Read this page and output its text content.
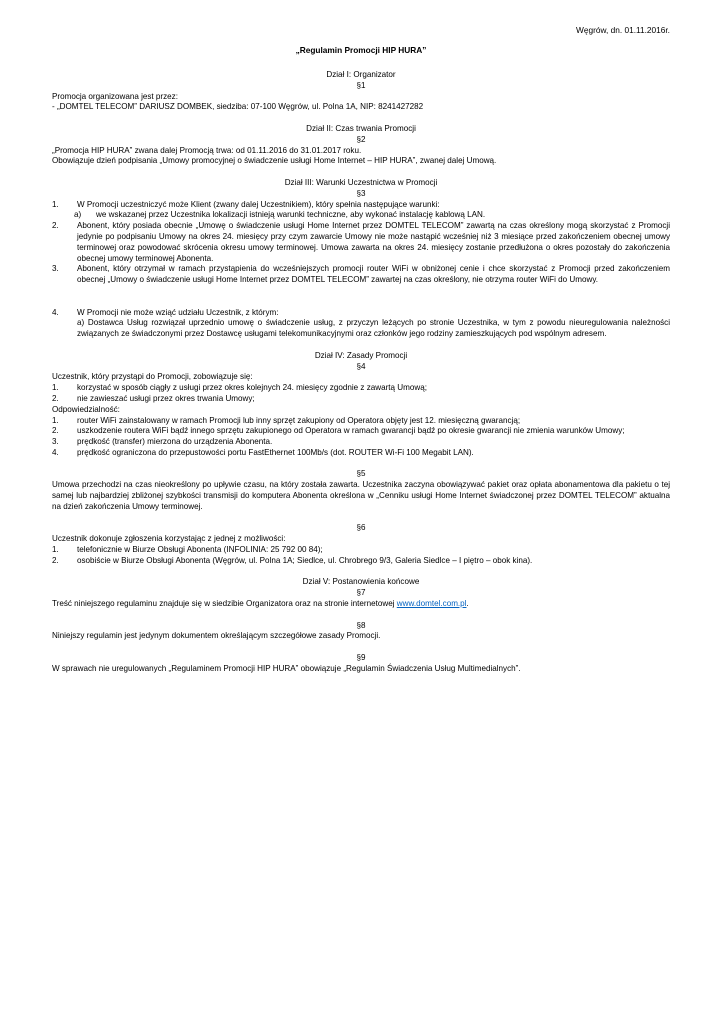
Węgrów, dn. 01.11.2016r.
„Regulamin Promocji HIP HURA”
Dział I: Organizator
§1
Promocja organizowana jest przez:
- „DOMTEL TELECOM” DARIUSZ DOMBEK, siedziba: 07-100 Węgrów, ul. Polna 1A, NIP: 8241427282
Dział II: Czas trwania Promocji
§2
„Promocja HIP HURA” zwana dalej Promocją trwa: od 01.11.2016 do 31.01.2017 roku.
Obowiązuje dzień podpisania „Umowy promocyjnej o świadczenie usługi Home Internet – HIP HURA”, zwanej dalej Umową.
Dział III: Warunki Uczestnictwa w Promocji
§3
1. W Promocji uczestniczyć może Klient (zwany dalej Uczestnikiem), który spełnia następujące warunki:
a) we wskazanej przez Uczestnika lokalizacji istnieją warunki techniczne, aby wykonać instalację kablową LAN.
2. Abonent, który posiada obecnie „Umowę o świadczenie usługi Home Internet przez DOMTEL TELECOM” zawartą na czas określony mogą skorzystać z Promocji jedynie po podpisaniu Umowy na okres 24. miesięcy przy czym zawarcie Umowy nie może nastąpić wcześniej niż 3 miesiące przed zakończeniem obecnej umowy terminowej oraz powodować skrócenia okresu umowy terminowej. Umowa zawarta na okres 24. miesięcy zostanie przedłużona o okres pozostały do zakończenia obecnej umowy terminowej Abonenta.
3. Abonent, który otrzymał w ramach przystąpienia do wcześniejszych promocji router WiFi w obniżonej cenie i chce skorzystać z Promocji przed zakończeniem obecnej „Umowy o świadczenie usługi Home Internet przez DOMTEL TELECOM” zawartej na czas określony, nie otrzyma router WiFi do Umowy.
4. W Promocji nie może wziąć udziału Uczestnik, z którym:
a) Dostawca Usług rozwiązał uprzednio umowę o świadczenie usług, z przyczyn leżących po stronie Uczestnika, w tym z powodu nieuregulowania należności związanych ze świadczonymi przez Dostawcę usługami telekomunikacyjnymi oraz członków jego rodziny zamieszkujących pod wspólnym adresem.
Dział IV: Zasady Promocji
§4
Uczestnik, który przystąpi do Promocji, zobowiązuje się:
1. korzystać w sposób ciągły z usługi przez okres kolejnych 24. miesięcy zgodnie z zawartą Umową;
2. nie zawieszać usługi przez okres trwania Umowy;
Odpowiedzialność:
1. router WiFi zainstalowany w ramach Promocji lub inny sprzęt zakupiony od Operatora objęty jest 12. miesięczną gwarancją;
2. uszkodzenie routera WiFi bądź innego sprzętu zakupionego od Operatora w ramach gwarancji bądź po okresie gwarancji nie zmienia warunków Umowy;
3. prędkość (transfer) mierzona do urządzenia Abonenta.
4. prędkość ograniczona do przepustowości portu FastEthernet 100Mb/s (dot. ROUTER Wi-Fi 100 Megabit LAN).
§5
Umowa przechodzi na czas nieokreślony po upływie czasu, na który została zawarta. Uczestnika zaczyna obowiązywać pakiet oraz opłata abonamentowa dla pakietu o tej samej lub najbardziej zbliżonej szybkości transmisji do komputera Abonenta określona w „Cenniku usługi Home Internet świadczonej przez DOMTEL TELECOM” aktualna na dzień zakończenia Umowy terminowej.
§6
Uczestnik dokonuje zgłoszenia korzystając z jednej z możliwości:
1. telefonicznie w Biurze Obsługi Abonenta (INFOLINIA: 25 792 00 84);
2. osobiście w Biurze Obsługi Abonenta (Węgrów, ul. Polna 1A; Siedlce, ul. Chrobrego 9/3, Galeria Siedlce – I piętro – obok kina).
Dział V: Postanowienia końcowe
§7
Treść niniejszego regulaminu znajduje się w siedzibie Organizatora oraz na stronie internetowej www.domtel.com.pl.
§8
Niniejszy regulamin jest jedynym dokumentem określającym szczegółowe zasady Promocji.
§9
W sprawach nie uregulowanych „Regulaminem Promocji HIP HURA” obowiązuje „Regulamin Świadczenia Usług Multimedialnych”.
